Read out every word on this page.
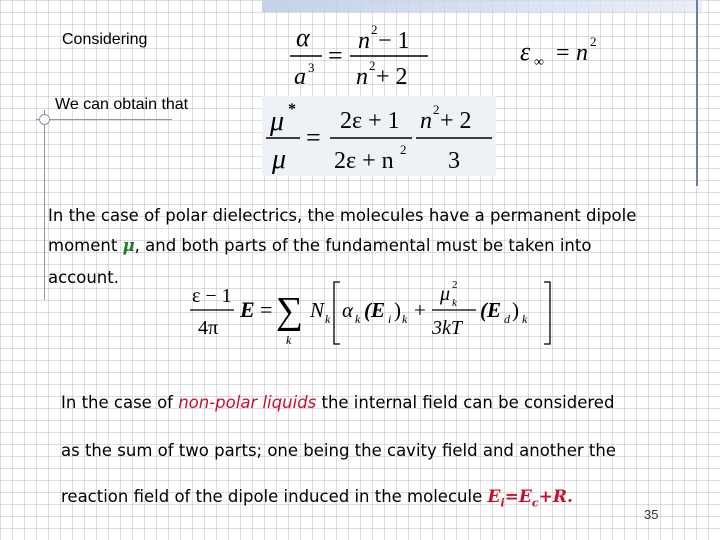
Considering
We can obtain that
α
a 3 = n 2 − 1
n 2 + 2
ε ∞ = n 2
μ *
μ
=
2ε + 1
2ε + n 2
n 2 + 2
3
In the case of polar dielectrics, the molecules have a permanent dipole
moment μ, and both parts of the fundamental must be taken into
account.
ε − 1
4π
E = ∑
k
N k α k (E i ) k +
μ 2
k
3kT
(E d ) k
In the case of non-polar liquids the internal field can be considered
as the sum of two parts; one being the cavity field and another the
reaction field of the dipole induced in the molecule $E_i=E_c+R$.
35
